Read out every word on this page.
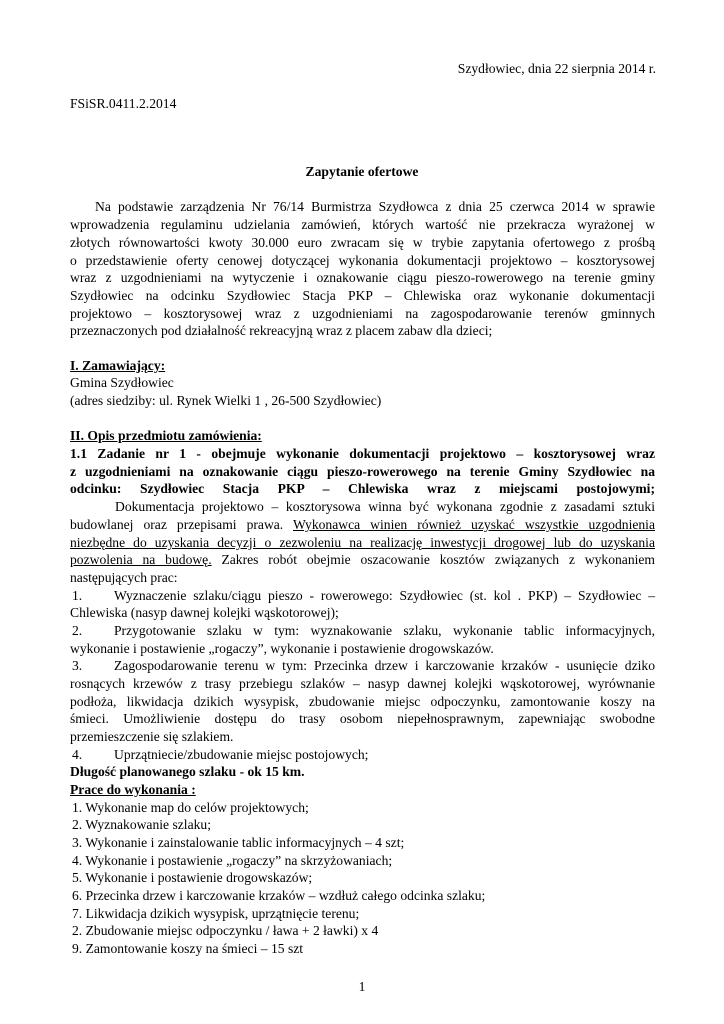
Szydłowiec, dnia 22 sierpnia 2014 r.
FSiSR.0411.2.2014
Zapytanie ofertowe
Na podstawie zarządzenia Nr 76/14 Burmistrza Szydłowca z dnia 25 czerwca 2014 w sprawie
wprowadzenia regulaminu udzielania zamówień, których wartość nie przekracza wyrażonej w
złotych równowartości kwoty 30.000 euro zwracam się w trybie zapytania ofertowego z prośbą
o przedstawienie oferty cenowej dotyczącej wykonania dokumentacji projektowo – kosztorysowej
wraz z uzgodnieniami na wytyczenie i oznakowanie ciągu pieszo-rowerowego na terenie gminy
Szydłowiec na odcinku Szydłowiec Stacja PKP – Chlewiska oraz wykonanie dokumentacji
projektowo – kosztorysowej wraz z uzgodnieniami na zagospodarowanie terenów gminnych
przeznaczonych pod działalność rekreacyjną wraz z placem zabaw dla dzieci;
I. Zamawiający:
Gmina Szydłowiec
(adres siedziby: ul. Rynek Wielki 1 , 26-500 Szydłowiec)
II. Opis przedmiotu zamówienia:
1.1 Zadanie nr 1 - obejmuje wykonanie dokumentacji projektowo – kosztorysowej wraz
z uzgodnieniami na oznakowanie ciągu pieszo-rowerowego na terenie Gminy Szydłowiec na
odcinku: Szydłowiec Stacja PKP – Chlewiska wraz z miejscami postojowymi;
Dokumentacja projektowo – kosztorysowa winna być wykonana zgodnie z zasadami sztuki
budowlanej oraz przepisami prawa. Wykonawca winien również uzyskać wszystkie uzgodnienia
niezbędne do uzyskania decyzji o zezwoleniu na realizację inwestycji drogowej lub do uzyskania
pozwolenia na budowę. Zakres robót obejmie oszacowanie kosztów związanych z wykonaniem
następujących prac:
1. Wyznaczenie szlaku/ciągu pieszo - rowerowego: Szydłowiec (st. kol . PKP) – Szydłowiec –
Chlewiska (nasyp dawnej kolejki wąskotorowej);
2. Przygotowanie szlaku w tym: wyznakowanie szlaku, wykonanie tablic informacyjnych,
wykonanie i postawienie „rogaczy”, wykonanie i postawienie drogowskazów.
3. Zagospodarowanie terenu w tym: Przecinka drzew i karczowanie krzaków - usunięcie dziko
rosnących krzewów z trasy przebiegu szlaków – nasyp dawnej kolejki wąskotorowej, wyrównanie
podłoża, likwidacja dzikich wysypisk, zbudowanie miejsc odpoczynku, zamontowanie koszy na
śmieci. Umożliwienie dostępu do trasy osobom niepełnosprawnym, zapewniając swobodne
przemieszczenie się szlakiem.
4. Uprzątniecie/zbudowanie miejsc postojowych;
Długość planowanego szlaku - ok 15 km.
Prace do wykonania :
1. Wykonanie map do celów projektowych;
2. Wyznakowanie szlaku;
3. Wykonanie i zainstalowanie tablic informacyjnych – 4 szt;
4. Wykonanie i postawienie „rogaczy” na skrzyżowaniach;
5. Wykonanie i postawienie drogowskazów;
6. Przecinka drzew i karczowanie krzaków – wzdłuż całego odcinka szlaku;
7. Likwidacja dzikich wysypisk, uprzątnięcie terenu;
2. Zbudowanie miejsc odpoczynku / ława + 2 ławki) x 4
9. Zamontowanie koszy na śmieci – 15 szt
1
